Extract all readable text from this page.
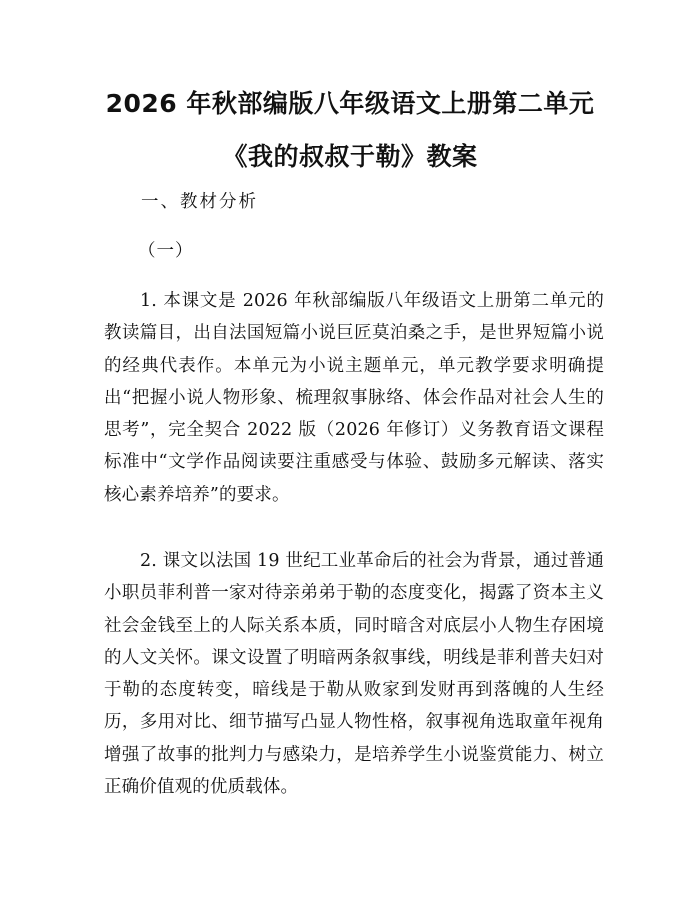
2026 年秋部编版八年级语文上册第二单元
《我的叔叔于勒》教案
一、教材分析
（一）

1. 本课文是 2026 年秋部编版八年级语文上册第二单元的教读篇目，出自法国短篇小说巨匠莫泊桑之手，是世界短篇小说的经典代表作。本单元为小说主题单元，单元教学要求明确提出“把握小说人物形象、梳理叙事脉络、体会作品对社会人生的思考”，完全契合 2022 版（2026 年修订）义务教育语文课程标准中“文学作品阅读要注重感受与体验、鼓励多元解读、落实核心素养培养”的要求。

2. 课文以法国 19 世纪工业革命后的社会为背景，通过普通小职员菲利普一家对待亲弟弟于勒的态度变化，揭露了资本主义社会金钱至上的人际关系本质，同时暗含对底层小人物生存困境的人文关怀。课文设置了明暗两条叙事线，明线是菲利普夫妇对于勒的态度转变，暗线是于勒从败家到发财再到落魄的人生经历，多用对比、细节描写凸显人物性格，叙事视角选取童年视角增强了故事的批判力与感染力，是培养学生小说鉴赏能力、树立正确价值观的优质载体。
